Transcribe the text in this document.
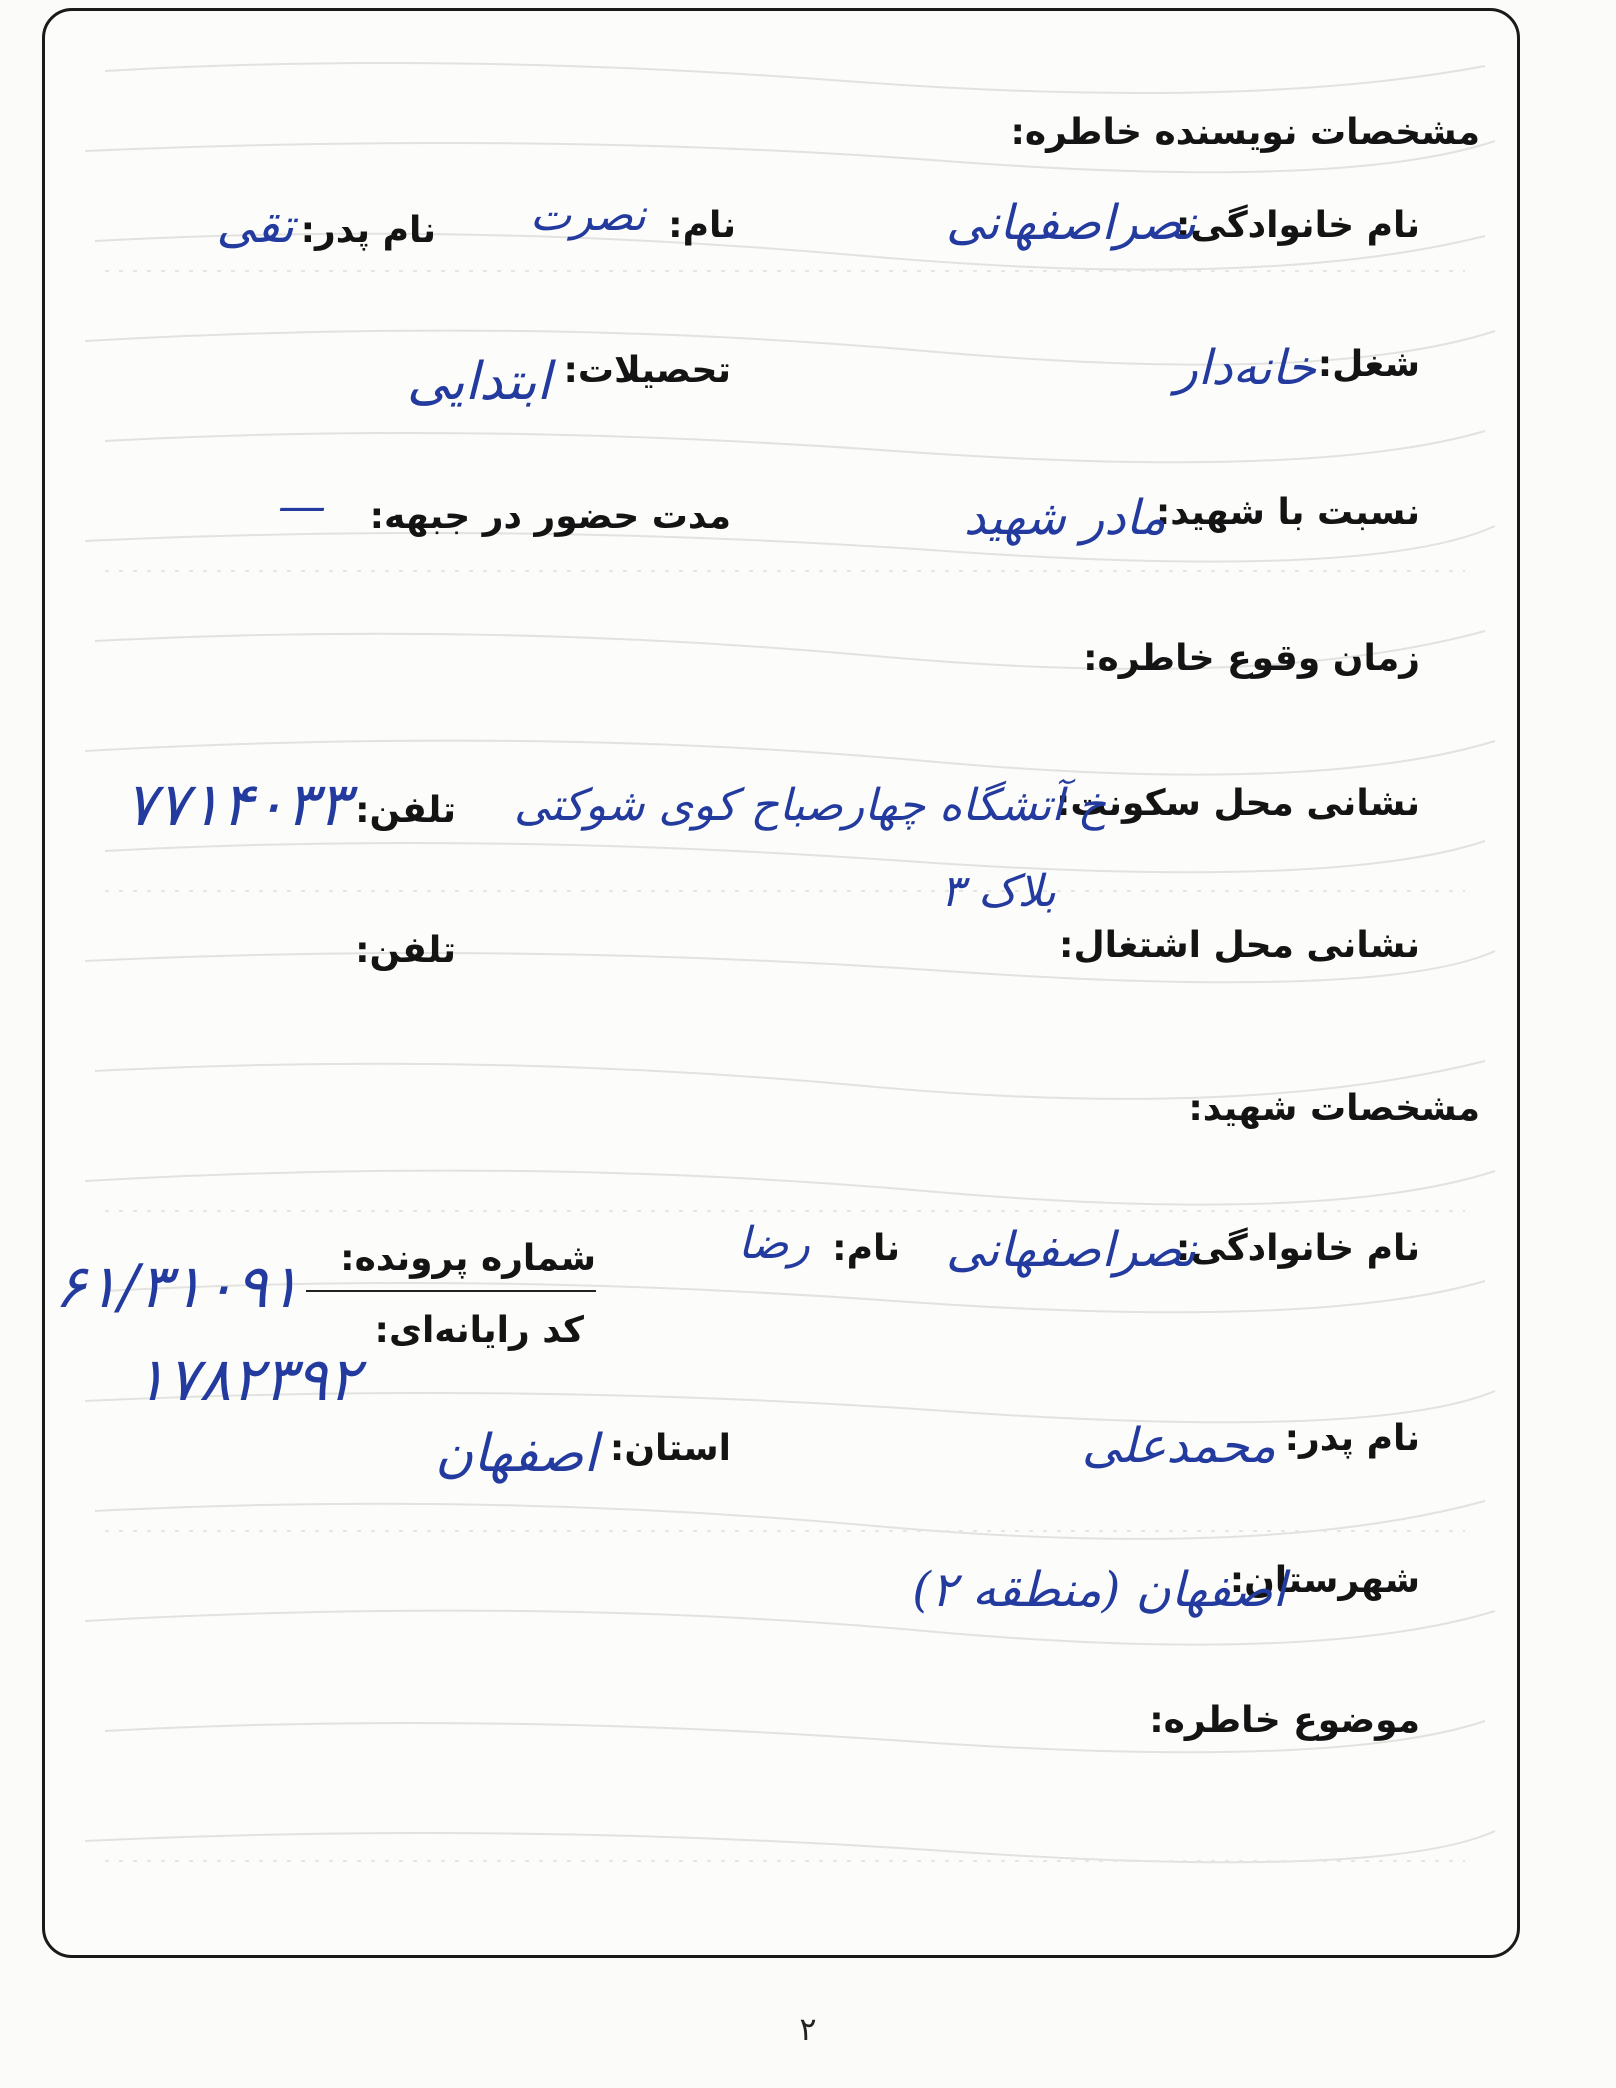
مشخصات نویسنده خاطره:
نام خانوادگی:
نصراصفهانی
نام:
نصرت
نام پدر:
تقی
شغل:
خانه‌دار
تحصیلات:
ابتدایی
نسبت با شهید:
مادر شهید
مدت حضور در جبهه:
—
زمان وقوع خاطره:
نشانی محل سکونت:
خ آتشگاه چهارصباح کوی شوکتی
بلاک ۳
تلفن:
۷۷۱۴۰۳۳
نشانی محل اشتغال:
تلفن:
مشخصات شهید:
نام خانوادگی:
نصراصفهانی
نام:
رضا
شماره پرونده:
۶۱/۳۱۰۹۱
کد رایانه‌ای:
۱۷۸۲۳۹۲
نام پدر:
محمدعلی
استان:
اصفهان
شهرستان:
اصفهان (منطقه ۲)
موضوع خاطره:
۲
